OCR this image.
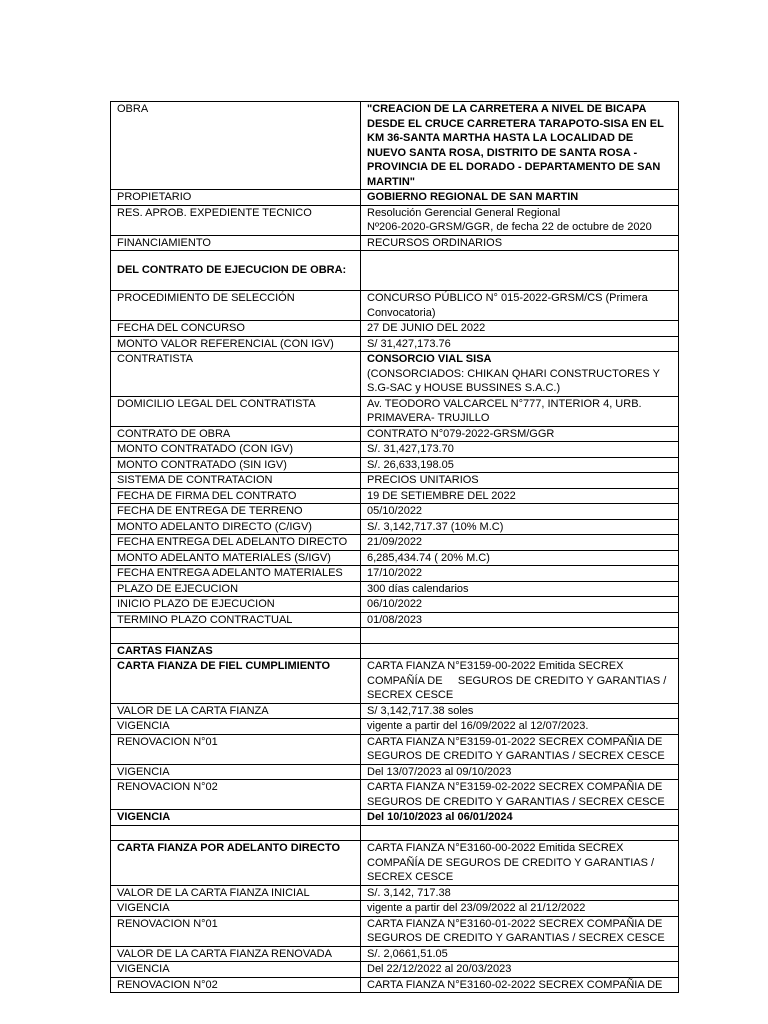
OBRA	"CREACION DE LA CARRETERA A NIVEL DE BICAPA DESDE EL CRUCE CARRETERA TARAPOTO-SISA EN EL KM 36-SANTA MARTHA HASTA LA LOCALIDAD DE NUEVO SANTA ROSA, DISTRITO DE SANTA ROSA - PROVINCIA DE EL DORADO - DEPARTAMENTO DE SAN MARTIN"
PROPIETARIO	GOBIERNO REGIONAL DE SAN MARTIN
RES. APROB. EXPEDIENTE TECNICO	Resolución Gerencial General Regional
Nº206-2020-GRSM/GGR, de fecha 22 de octubre de 2020

FINANCIAMIENTO	RECURSOS ORDINARIOS
DEL CONTRATO DE EJECUCION DE OBRA:	
PROCEDIMIENTO DE SELECCIÓN	CONCURSO PÚBLICO N° 015-2022-GRSM/CS (Primera Convocatoria)
FECHA DEL CONCURSO	27 DE JUNIO DEL 2022
MONTO VALOR REFERENCIAL (CON IGV)	S/ 31,427,173.76
CONTRATISTA	CONSORCIO VIAL SISA
(CONSORCIADOS: CHIKAN QHARI CONSTRUCTORES Y S.G-SAC y HOUSE BUSSINES S.A.C.)

DOMICILIO LEGAL DEL CONTRATISTA	Av. TEODORO VALCARCEL N°777, INTERIOR 4, URB. PRIMAVERA- TRUJILLO
CONTRATO DE OBRA	CONTRATO N°079-2022-GRSM/GGR
MONTO CONTRATADO (CON IGV)	S/. 31,427,173.70
MONTO CONTRATADO (SIN IGV)	S/. 26,633,198.05
SISTEMA DE CONTRATACION	PRECIOS UNITARIOS
FECHA DE FIRMA DEL CONTRATO	19 DE SETIEMBRE DEL 2022
FECHA DE ENTREGA DE TERRENO	05/10/2022
MONTO ADELANTO DIRECTO (C/IGV)	S/. 3,142,717.37 (10% M.C)
FECHA ENTREGA DEL ADELANTO DIRECTO	21/09/2022
MONTO ADELANTO MATERIALES (S/IGV)	6,285,434.74 ( 20% M.C)
FECHA ENTREGA ADELANTO MATERIALES	17/10/2022
PLAZO DE EJECUCION	300 días calendarios
INICIO PLAZO DE EJECUCION	06/10/2022
TERMINO PLAZO CONTRACTUAL	01/08/2023

CARTAS FIANZAS	
CARTA FIANZA DE FIEL CUMPLIMIENTO	CARTA FIANZA N°E3159-00-2022 Emitida SECREX COMPAÑÍA DE     SEGUROS DE CREDITO Y GARANTIAS / SECREX CESCE
VALOR DE LA CARTA FIANZA	S/ 3,142,717.38 soles
VIGENCIA	vigente a partir del 16/09/2022 al 12/07/2023.
RENOVACION N°01	CARTA FIANZA N°E3159-01-2022 SECREX COMPAÑIA DE SEGUROS DE CREDITO Y GARANTIAS / SECREX CESCE
VIGENCIA	Del 13/07/2023 al 09/10/2023
RENOVACION N°02	CARTA FIANZA N°E3159-02-2022 SECREX COMPAÑIA DE SEGUROS DE CREDITO Y GARANTIAS / SECREX CESCE
VIGENCIA	Del 10/10/2023 al 06/01/2024

CARTA FIANZA POR ADELANTO DIRECTO	CARTA FIANZA N°E3160-00-2022 Emitida SECREX COMPAÑÍA DE SEGUROS DE CREDITO Y GARANTIAS / SECREX CESCE
VALOR DE LA CARTA FIANZA INICIAL	S/. 3,142, 717.38
VIGENCIA	vigente a partir del 23/09/2022 al 21/12/2022
RENOVACION N°01	CARTA FIANZA N°E3160-01-2022 SECREX COMPAÑIA DE SEGUROS DE CREDITO Y GARANTIAS / SECREX CESCE
VALOR DE LA CARTA FIANZA RENOVADA	S/. 2,0661,51.05
VIGENCIA	Del 22/12/2022 al 20/03/2023
RENOVACION N°02	CARTA FIANZA N°E3160-02-2022 SECREX COMPAÑIA DE
